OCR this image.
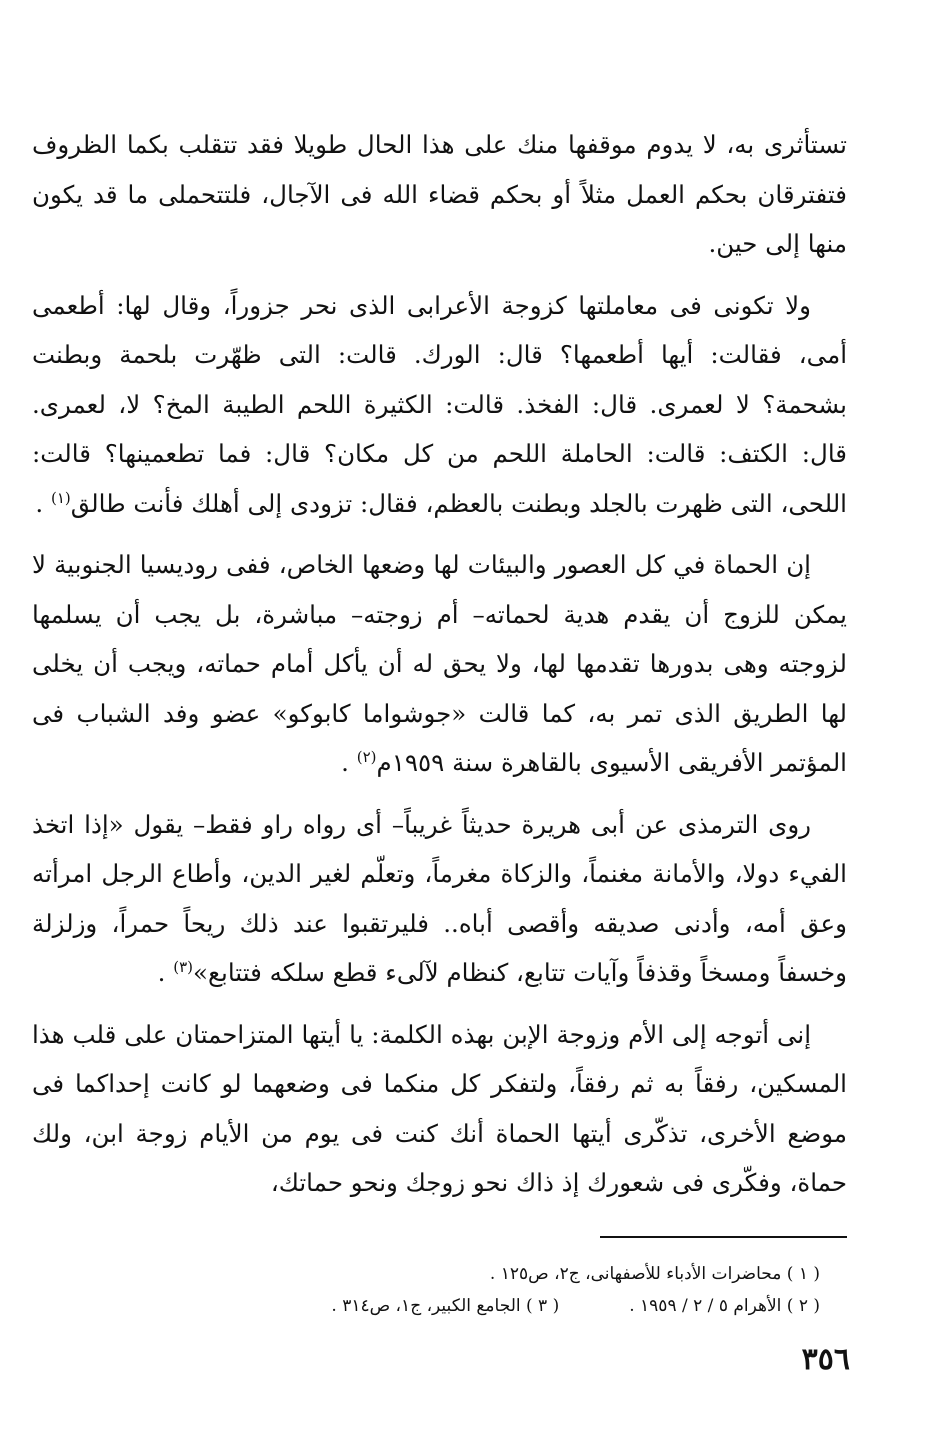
تستأثرى به، لا يدوم موقفها منك على هذا الحال طويلا فقد تتقلب بكما الظروف فتفترقان بحكم العمل مثلاً أو بحكم قضاء الله فى الآجال، فلتتحملى ما قد يكون منها إلى حين.

ولا تكونى فى معاملتها كزوجة الأعرابى الذى نحر جزوراً، وقال لها: أطعمى أمى، فقالت: أيها أطعمها؟ قال: الورك. قالت: التى ظهّرت بلحمة وبطنت بشحمة؟ لا لعمرى. قال: الفخذ. قالت: الكثيرة اللحم الطيبة المخ؟ لا، لعمرى. قال: الكتف: قالت: الحاملة اللحم من كل مكان؟ قال: فما تطعمينها؟ قالت: اللحى، التى ظهرت بالجلد وبطنت بالعظم، فقال: تزودى إلى أهلك فأنت طالق$^{(١)}$ .

إن الحماة في كل العصور والبيئات لها وضعها الخاص، ففى روديسيا الجنوبية لا يمكن للزوج أن يقدم هدية لحماته– أم زوجته– مباشرة، بل يجب أن يسلمها لزوجته وهى بدورها تقدمها لها، ولا يحق له أن يأكل أمام حماته، ويجب أن يخلى لها الطريق الذى تمر به، كما قالت «جوشواما كابوكو» عضو وفد الشباب فى المؤتمر الأفريقى الأسيوى بالقاهرة سنة ١٩٥٩م$^{(٢)}$ .

روى الترمذى عن أبى هريرة حديثاً غريباً– أى رواه راو فقط– يقول «إذا اتخذ الفيء دولا، والأمانة مغنماً، والزكاة مغرماً، وتعلّم لغير الدين، وأطاع الرجل امرأته وعق أمه، وأدنى صديقه وأقصى أباه.. فليرتقبوا عند ذلك ريحاً حمراً، وزلزلة وخسفاً ومسخاً وقذفاً وآيات تتابع، كنظام لآلىء قطع سلكه فتتابع»$^{(٣)}$ .

إنى أتوجه إلى الأم وزوجة الإبن بهذه الكلمة: يا أيتها المتزاحمتان على قلب هذا المسكين، رفقاً به ثم رفقاً، ولتفكر كل منكما فى وضعهما لو كانت إحداكما فى موضع الأخرى، تذكّرى أيتها الحماة أنك كنت فى يوم من الأيام زوجة ابن، ولك حماة، وفكّرى فى شعورك إذ ذاك نحو زوجك ونحو حماتك،

( ١ ) محاضرات الأدباء للأصفهانى، ج٢، ص١٢٥ .
( ٢ ) الأهرام ٥ / ٢ / ١٩٥٩ .( ٣ ) الجامع الكبير، ج١، ص٣١٤ .
٣٥٦
